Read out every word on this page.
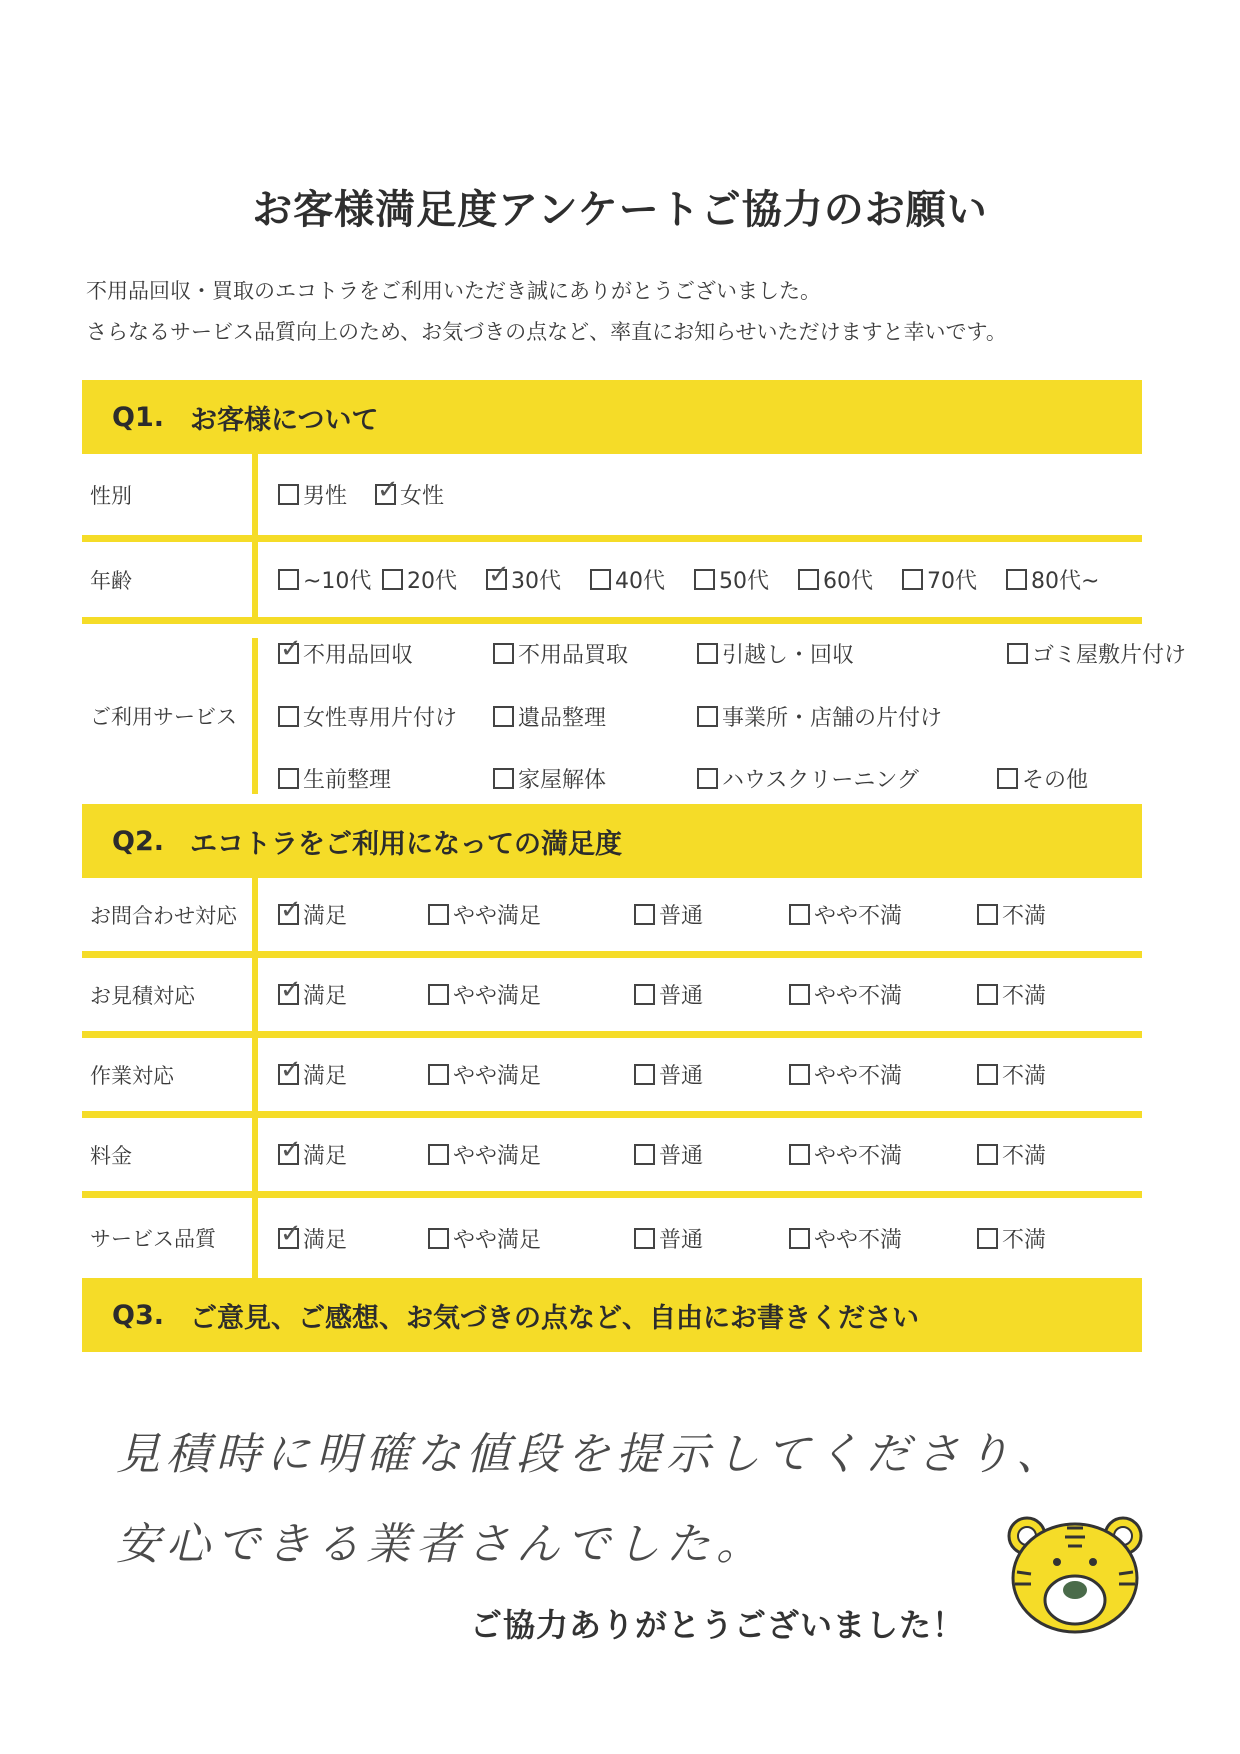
お客様満足度アンケートご協力のお願い
不用品回収・買取のエコトラをご利用いただき誠にありがとうございました。
さらなるサービス品質向上のため、お気づきの点など、率直にお知らせいただけますと幸いです。
Q1. お客様について
性別	男性 ✓ 女性
年齢	~10代 20代 ✓ 30代 40代 50代 60代 70代 80代~
ご利用サービス
✓ 不用品回収	不用品買取	引越し・回収	ゴミ屋敷片付け
女性専用片付け	遺品整理	事業所・店舗の片付け
生前整理	家屋解体	ハウスクリーニング	その他
Q2. エコトラをご利用になっての満足度
お問合わせ対応	✓ 満足	やや満足	普通	やや不満	不満
お見積対応	✓ 満足	やや満足	普通	やや不満	不満
作業対応	✓ 満足	やや満足	普通	やや不満	不満
料金	✓ 満足	やや満足	普通	やや不満	不満
サービス品質	✓ 満足	やや満足	普通	やや不満	不満
Q3. ご意見、ご感想、お気づきの点など、自由にお書きください
見積時に明確な値段を提示してくださり、
安心できる業者さんでした。
ご協力ありがとうございました！
